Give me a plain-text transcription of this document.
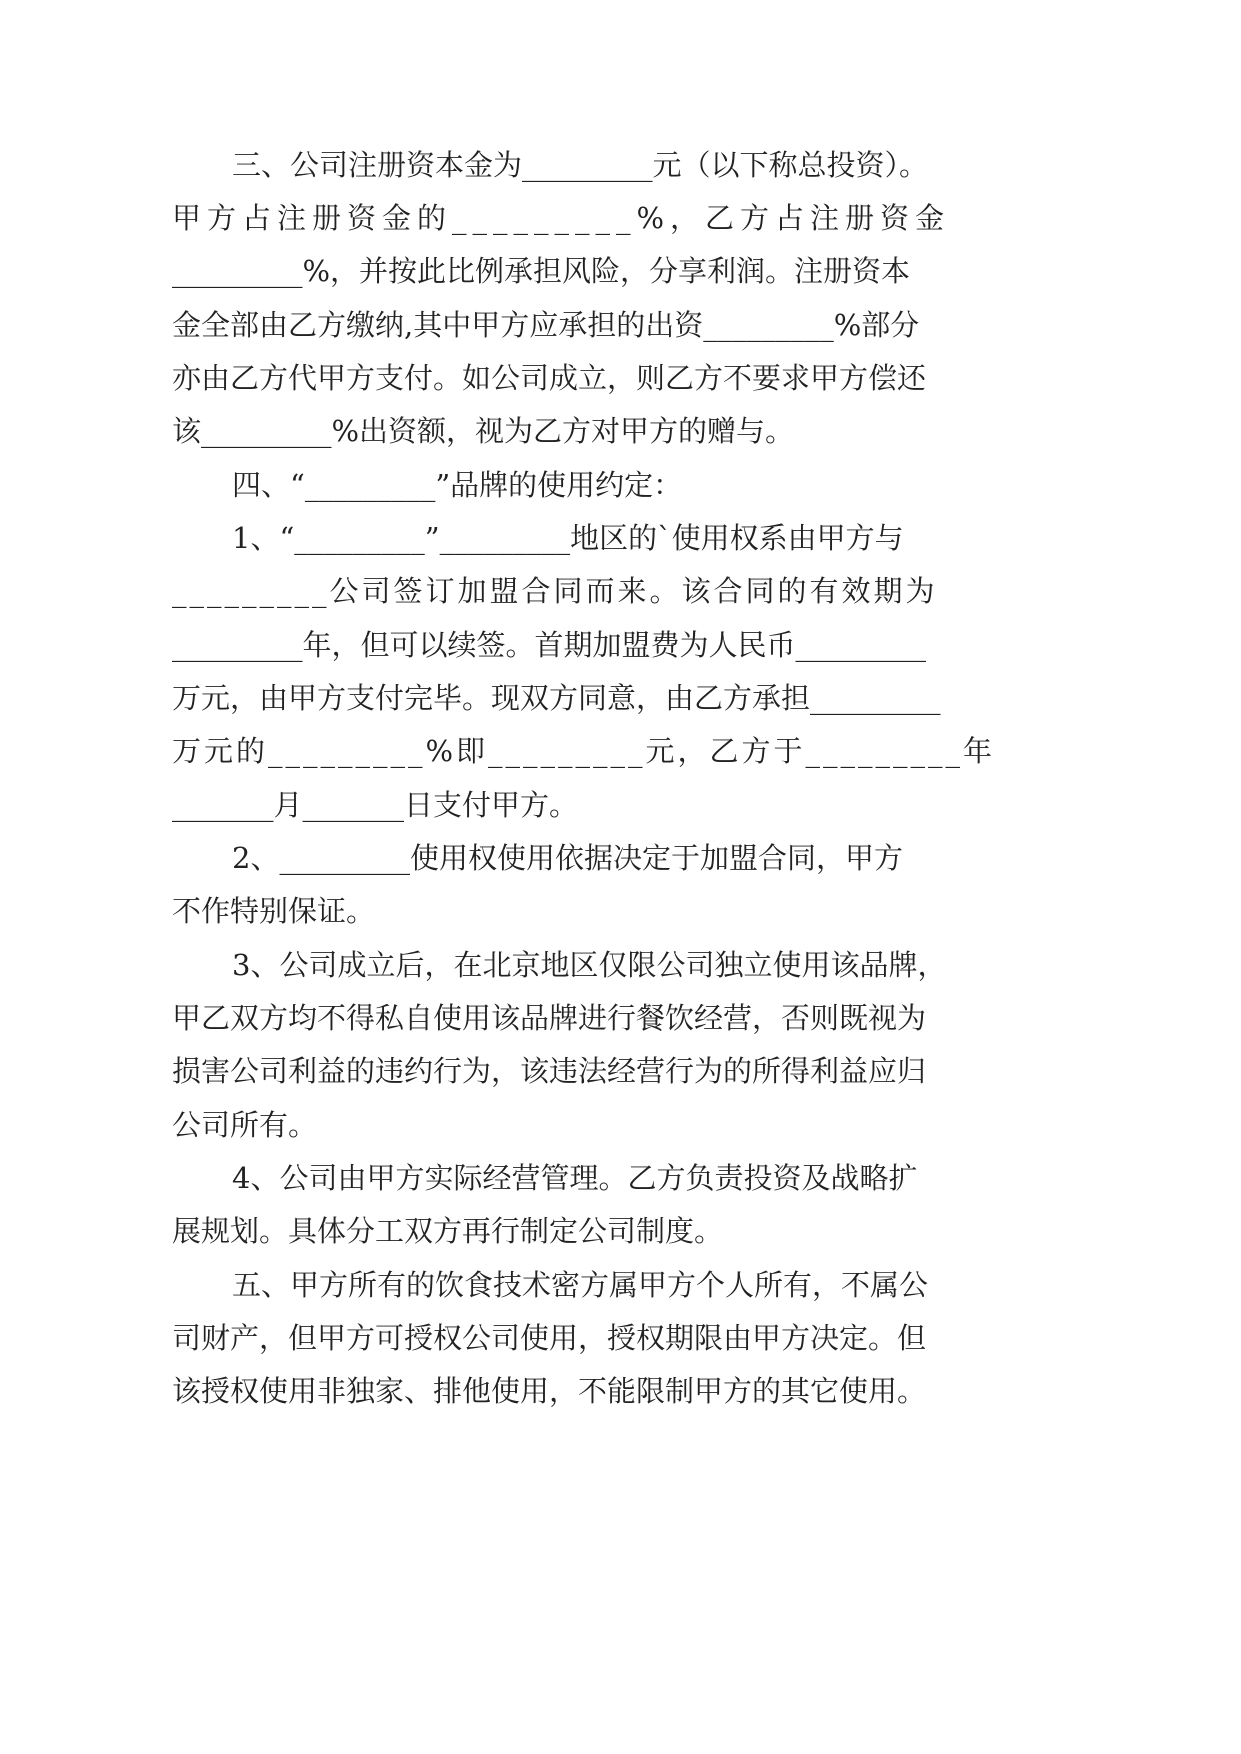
三、公司注册资本金为_________元（以下称总投资）。
甲方占注册资金的_________%，乙方占注册资金
_________%，并按此比例承担风险，分享利润。注册资本
金全部由乙方缴纳,其中甲方应承担的出资_________%部分
亦由乙方代甲方支付。如公司成立，则乙方不要求甲方偿还
该_________%出资额，视为乙方对甲方的赠与。
四、“_________”品牌的使用约定：
1、“_________”_________地区的`使用权系由甲方与
_________公司签订加盟合同而来。该合同的有效期为
_________年，但可以续签。首期加盟费为人民币_________
万元，由甲方支付完毕。现双方同意，由乙方承担_________
万元的_________%即_________元，乙方于_________年
_______月_______日支付甲方。
2、_________使用权使用依据决定于加盟合同，甲方
不作特别保证。
3、公司成立后，在北京地区仅限公司独立使用该品牌，
甲乙双方均不得私自使用该品牌进行餐饮经营，否则既视为
损害公司利益的违约行为，该违法经营行为的所得利益应归
公司所有。
4、公司由甲方实际经营管理。乙方负责投资及战略扩
展规划。具体分工双方再行制定公司制度。
五、甲方所有的饮食技术密方属甲方个人所有，不属公
司财产，但甲方可授权公司使用，授权期限由甲方决定。但
该授权使用非独家、排他使用，不能限制甲方的其它使用。
